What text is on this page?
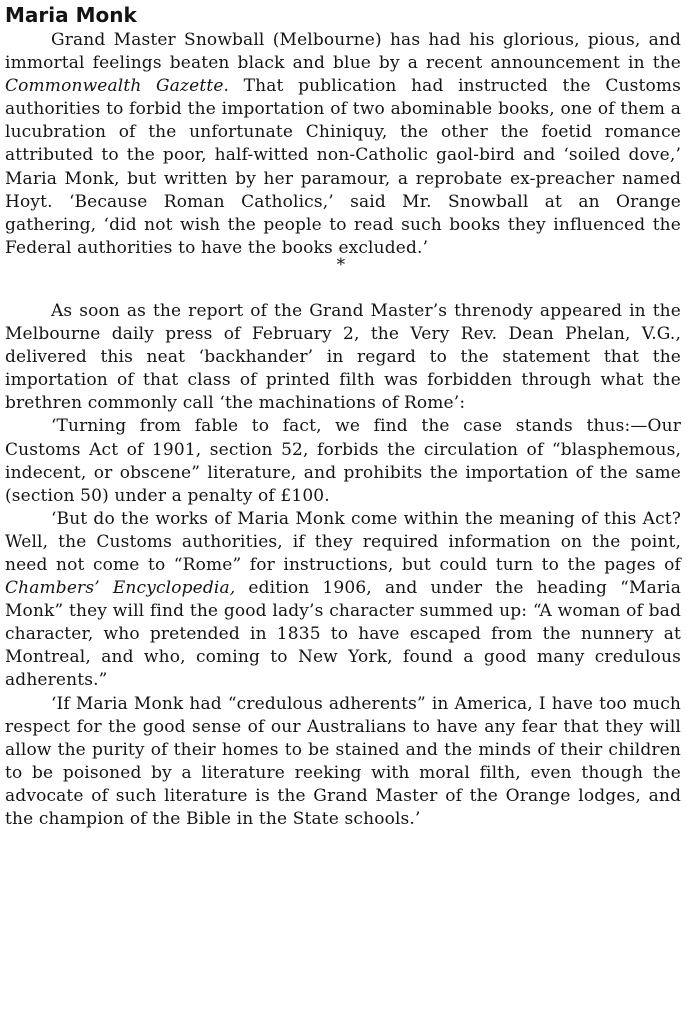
Maria Monk

Grand Master Snowball (Melbourne) has had his glorious, pious, and immortal feelings beaten black and blue by a recent announcement in the Commonwealth Gazette. That publication had instructed the Customs authorities to forbid the importation of two abominable books, one of them a lucubration of the unfortunate Chiniquy, the other the foetid romance attributed to the poor, half-witted non-Catholic gaol-bird and ‘soiled dove,’ Maria Monk, but written by her paramour, a reprobate ex-preacher named Hoyt. ‘Because Roman Catholics,’ said Mr. Snowball at an Orange gathering, ‘did not wish the people to read such books they influenced the Federal authorities to have the books excluded.’

*

As soon as the report of the Grand Master’s threnody appeared in the Melbourne daily press of February 2, the Very Rev. Dean Phelan, V.G., delivered this neat ‘backhander’ in regard to the statement that the importation of that class of printed filth was forbidden through what the brethren commonly call ‘the machinations of Rome’:

‘Turning from fable to fact, we find the case stands thus:—Our Customs Act of 1901, section 52, forbids the circulation of “blasphemous, indecent, or obscene” literature, and prohibits the importation of the same (section 50) under a penalty of £100.

‘But do the works of Maria Monk come within the meaning of this Act? Well, the Customs authorities, if they required information on the point, need not come to “Rome” for instructions, but could turn to the pages of Chambers’ Encyclopedia, edition 1906, and under the heading “Maria Monk” they will find the good lady’s character summed up: “A woman of bad character, who pretended in 1835 to have escaped from the nunnery at Montreal, and who, coming to New York, found a good many credulous adherents.”

‘If Maria Monk had “credulous adherents” in America, I have too much respect for the good sense of our Australians to have any fear that they will allow the purity of their homes to be stained and the minds of their children to be poisoned by a literature reeking with moral filth, even though the advocate of such literature is the Grand Master of the Orange lodges, and the champion of the Bible in the State schools.’
